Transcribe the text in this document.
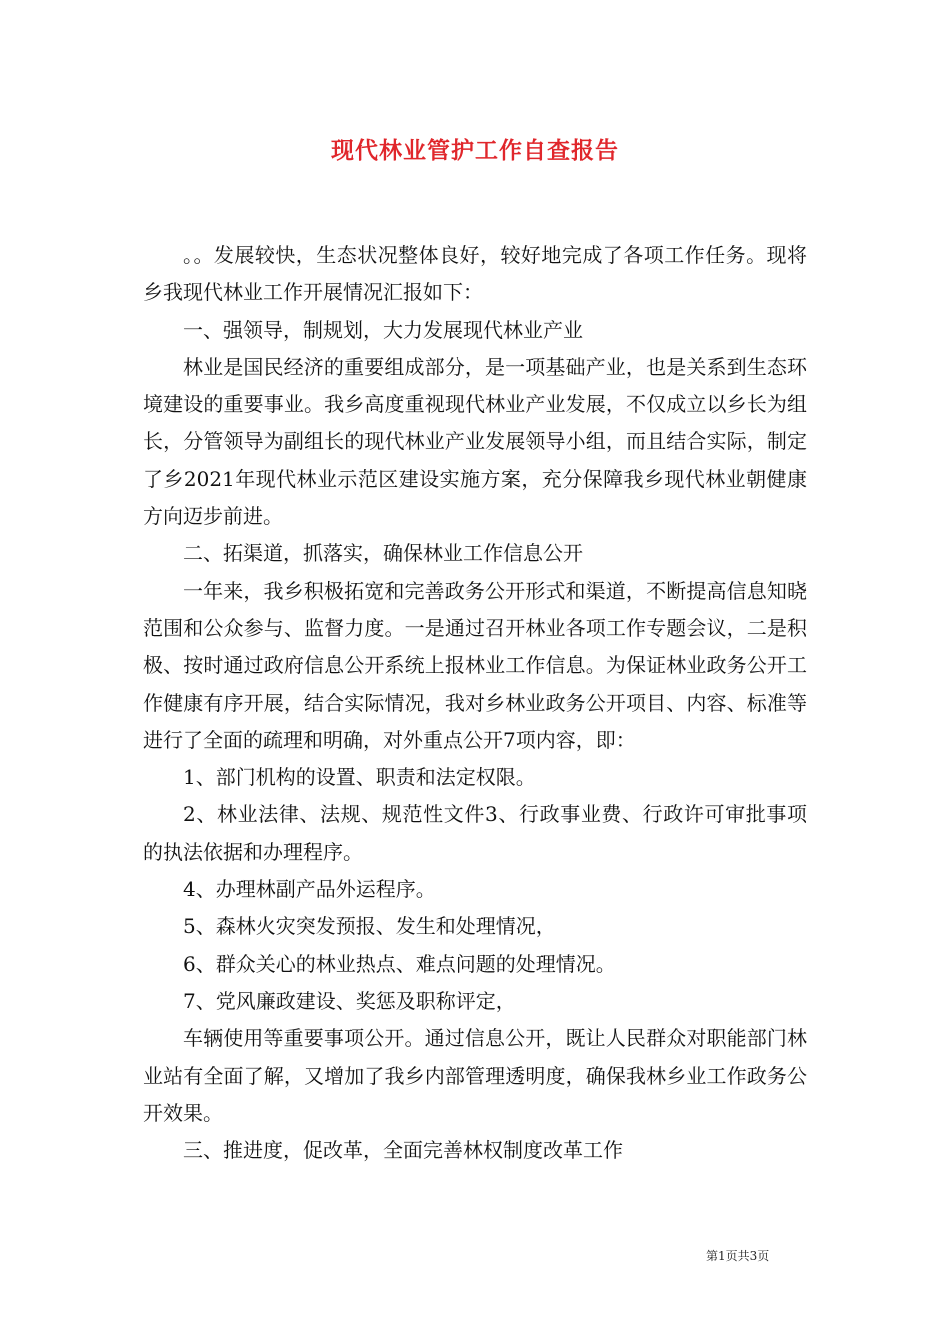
现代林业管护工作自查报告

。。发展较快，生态状况整体良好，较好地完成了各项工作任务。现将乡我现代林业工作开展情况汇报如下：

一、强领导，制规划，大力发展现代林业产业

林业是国民经济的重要组成部分，是一项基础产业，也是关系到生态环境建设的重要事业。我乡高度重视现代林业产业发展，不仅成立以乡长为组长，分管领导为副组长的现代林业产业发展领导小组，而且结合实际，制定了乡2021年现代林业示范区建设实施方案，充分保障我乡现代林业朝健康方向迈步前进。

二、拓渠道，抓落实，确保林业工作信息公开

一年来，我乡积极拓宽和完善政务公开形式和渠道，不断提高信息知晓范围和公众参与、监督力度。一是通过召开林业各项工作专题会议，二是积极、按时通过政府信息公开系统上报林业工作信息。为保证林业政务公开工作健康有序开展，结合实际情况，我对乡林业政务公开项目、内容、标准等进行了全面的疏理和明确，对外重点公开7项内容，即：

1、部门机构的设置、职责和法定权限。

2、林业法律、法规、规范性文件3、行政事业费、行政许可审批事项的执法依据和办理程序。

4、办理林副产品外运程序。

5、森林火灾突发预报、发生和处理情况，

6、群众关心的林业热点、难点问题的处理情况。

7、党风廉政建设、奖惩及职称评定，

车辆使用等重要事项公开。通过信息公开，既让人民群众对职能部门林业站有全面了解，又增加了我乡内部管理透明度，确保我林乡业工作政务公开效果。

三、推进度，促改革，全面完善林权制度改革工作

第1页共3页
